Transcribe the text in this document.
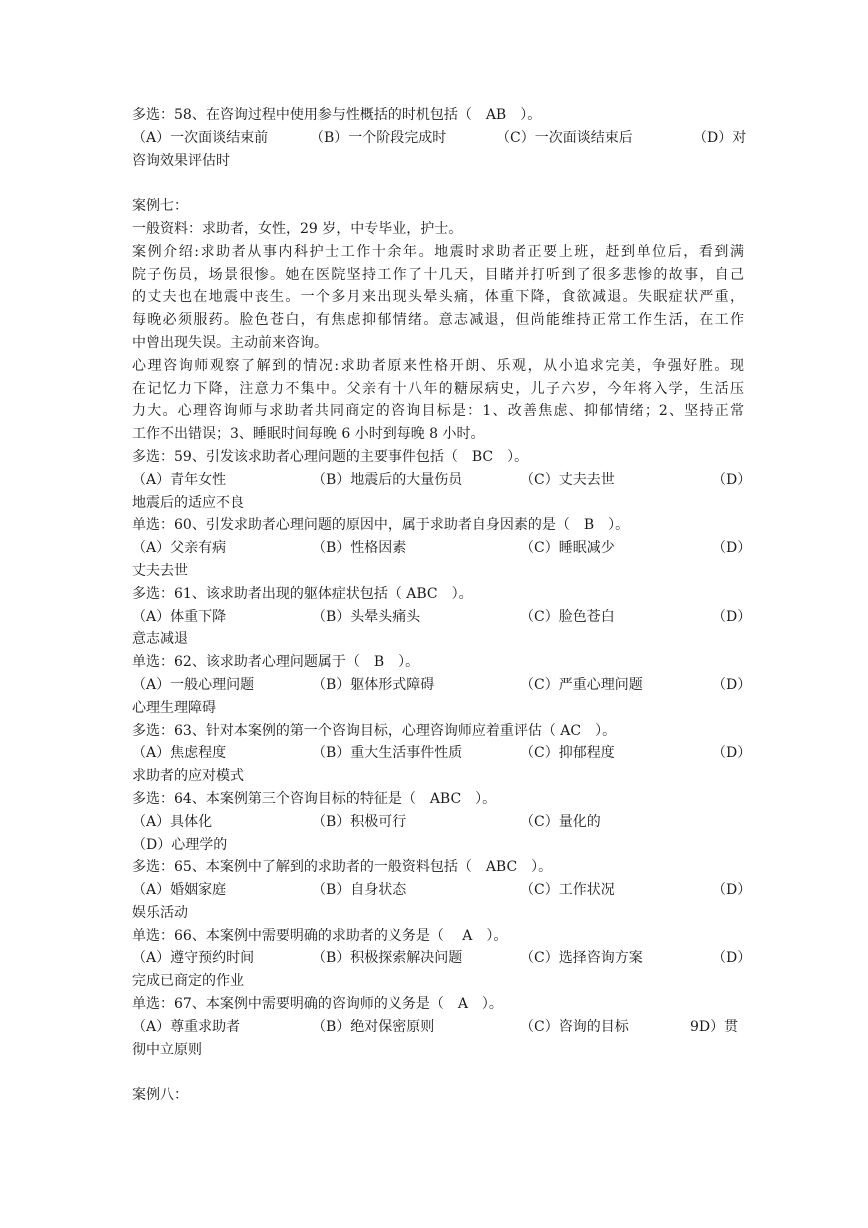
多选：58、在咨询过程中使用参与性概括的时机包括（　AB　）。
（A）一次面谈结束前	（B）一个阶段完成时	（C）一次面谈结束后	（D）对
咨询效果评估时
案例七：
一般资料：求助者，女性，29 岁，中专毕业，护士。
案例介绍:求助者从事内科护士工作十余年。地震时求助者正要上班，赶到单位后，看到满
院子伤员，场景很惨。她在医院坚持工作了十几天，目睹并打听到了很多悲惨的故事，自己
的丈夫也在地震中丧生。一个多月来出现头晕头痛，体重下降，食欲减退。失眠症状严重，
每晚必须服药。脸色苍白，有焦虑抑郁情绪。意志减退，但尚能维持正常工作生活，在工作
中曾出现失误。主动前来咨询。
心理咨询师观察了解到的情况:求助者原来性格开朗、乐观，从小追求完美，争强好胜。现
在记忆力下降，注意力不集中。父亲有十八年的糖尿病史，儿子六岁，今年将入学，生活压
力大。心理咨询师与求助者共同商定的咨询目标是：1、改善焦虑、抑郁情绪；2、坚持正常
工作不出错误；3、睡眠时间每晚 6 小时到每晚 8 小时。
多选：59、引发该求助者心理问题的主要事件包括（　BC　）。
（A）青年女性	（B）地震后的大量伤员	（C）丈夫去世	（D）
地震后的适应不良
单选：60、引发求助者心理问题的原因中，属于求助者自身因素的是（　B　）。
（A）父亲有病	（B）性格因素	（C）睡眠减少	（D）
丈夫去世
多选：61、该求助者出现的躯体症状包括（ ABC　）。
（A）体重下降	（B）头晕头痛头	（C）脸色苍白	（D）
意志减退
单选：62、该求助者心理问题属于（　B　）。
（A）一般心理问题	（B）躯体形式障碍	（C）严重心理问题	（D）
心理生理障碍
多选：63、针对本案例的第一个咨询目标，心理咨询师应着重评估（ AC　）。
（A）焦虑程度	（B）重大生活事件性质	（C）抑郁程度	（D）
求助者的应对模式
多选：64、本案例第三个咨询目标的特征是（　ABC　）。
（A）具体化	（B）积极可行	（C）量化的
（D）心理学的
多选：65、本案例中了解到的求助者的一般资料包括（　ABC　）。
（A）婚姻家庭	（B）自身状态	（C）工作状况	（D）
娱乐活动
单选：66、本案例中需要明确的求助者的义务是（　 A　）。
（A）遵守预约时间	（B）积极探索解决问题	（C）选择咨询方案	（D）
完成已商定的作业
单选：67、本案例中需要明确的咨询师的义务是（　A　）。
（A）尊重求助者	（B）绝对保密原则	（C）咨询的目标	9D）贯
彻中立原则
案例八：
